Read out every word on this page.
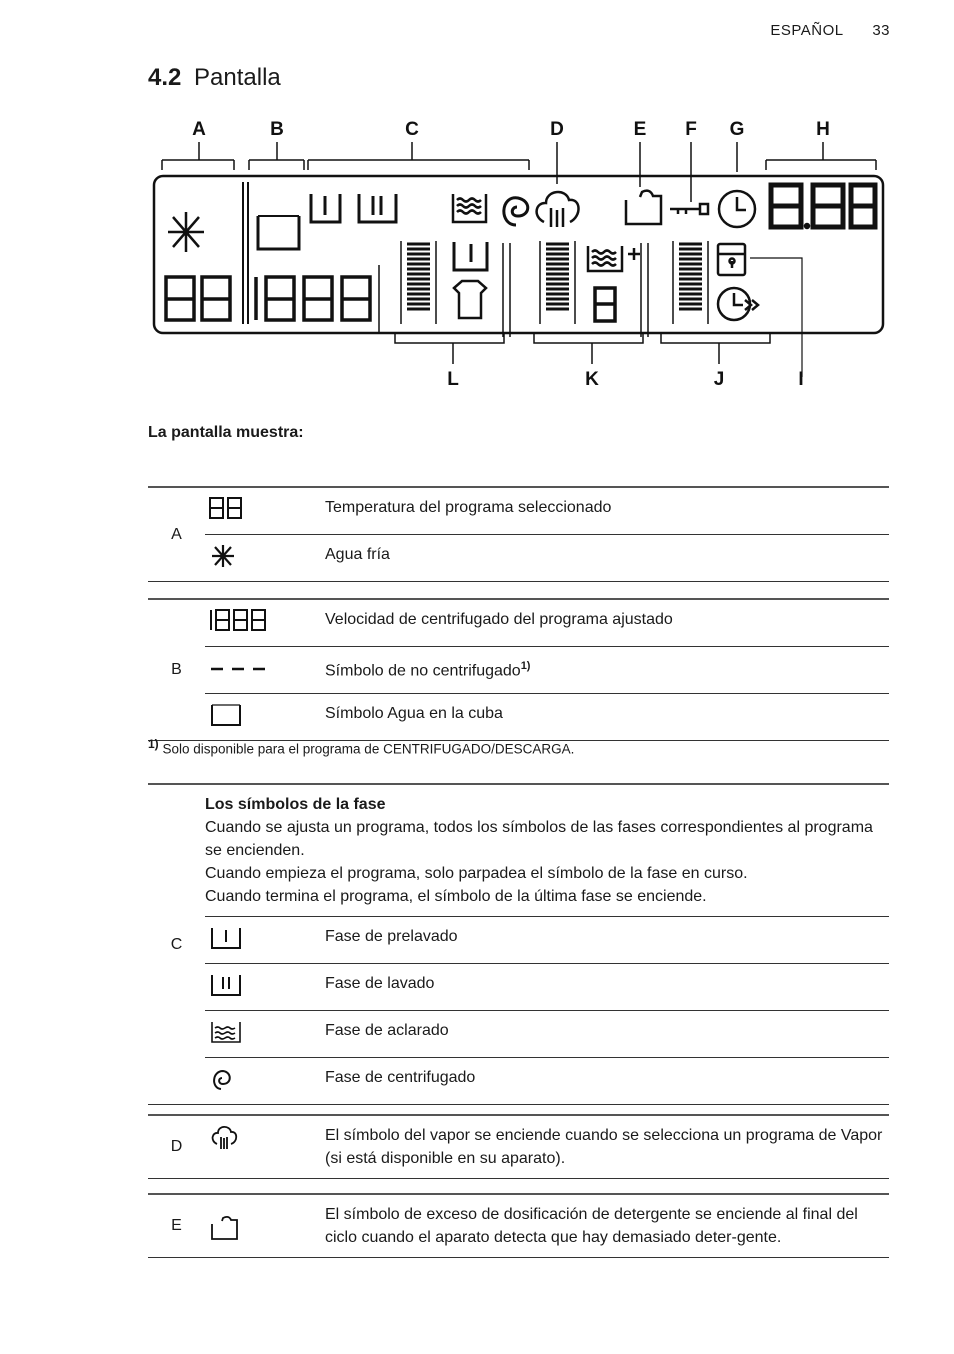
ESPAÑOL 33
4.2 Pantalla
A	B	C	D	E F G	H
L	K	J	I
La pantalla muestra:
A		Temperatura del programa seleccionado
	Agua fría
B		Velocidad de centrifugado del programa ajustado
	Símbolo de no centrifugado$^{1)}$
	Símbolo Agua en la cuba

$^{1)}$ Solo disponible para el programa de CENTRIFUGADO/DESCARGA.
C	Los símbolos de la fase
Cuando se ajusta un programa, todos los símbolos de las fases correspondientes al programa se encienden.
Cuando empieza el programa, solo parpadea el símbolo de la fase en curso.
Cuando termina el programa, el símbolo de la última fase se enciende.	
	Fase de prelavado
	Fase de lavado
	Fase de aclarado
	Fase de centrifugado
D		El símbolo del vapor se enciende cuando se selecciona un programa de Vapor (si está disponible en su aparato).
E		El símbolo de exceso de dosificación de detergente se enciende al final del ciclo cuando el aparato detecta que hay demasiado deter-gente.
